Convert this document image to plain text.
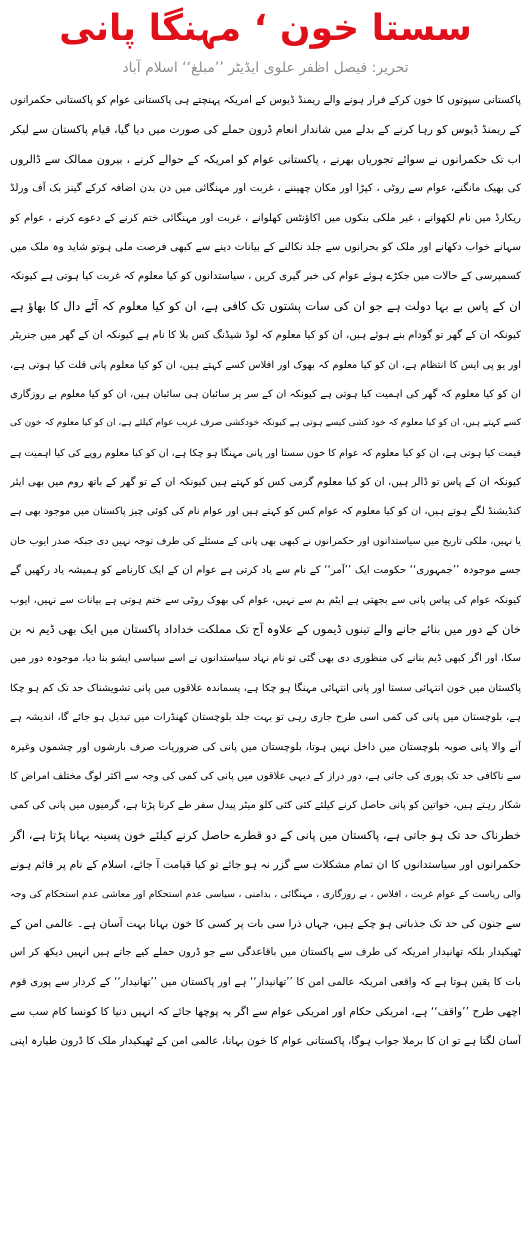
سستا خون ‘ مہنگا پانی
تحریر: فیصل اظفر علوی ایڈیٹر ’’مبلغ‘‘ اسلام آباد
پاکستانی سپوتوں کا خون کرکے فرار ہونے والے ریمنڈ ڈیوس کے امریکہ پہنچتے ہی پاکستانی عوام کو پاکستانی حکمرانوں
کے ریمنڈ ڈیوس کو رہا کرنے کے بدلے میں شاندار انعام ڈرون حملے کی صورت میں دیا گیا، قیام پاکستان سے لیکر
اب تک حکمرانوں نے سوائے تجوریاں بھرنے ، پاکستانی عوام کو امریکہ کے حوالے کرنے ، بیرون ممالک سے ڈالروں
کی بھیک مانگنے، عوام سے روٹی ، کپڑا اور مکان چھیننے ، غربت اور مہنگائی میں دن بدن اضافہ کرکے گینز بک آف ورلڈ
ریکارڈ میں نام لکھوانے ، غیر ملکی بنکوں میں اکاؤنٹس کھلوانے ، غربت اور مہنگائی ختم کرنے کے دعوے کرنے ، عوام کو
سہانے خواب دکھانے اور ملک کو بحرانوں سے جلد نکالنے کے بیانات دینے سے کبھی فرصت ملی ہوتو شاید وہ ملک میں
کسمپرسی کے حالات میں جکڑے ہوئے عوام کی خبر گیری کریں ، سیاستدانوں کو کیا معلوم کہ غربت کیا ہوتی ہے کیونکہ
ان کے پاس بے بہا دولت ہے جو ان کی سات پشتوں تک کافی ہے، ان کو کیا معلوم کہ آٹے دال کا بھاؤ ہے
کیونکہ ان کے گھر تو گودام بنے ہوئے ہیں، ان کو کیا معلوم کہ لوڈ شیڈنگ کس بلا کا نام ہے کیونکہ ان کے گھر میں جنریٹر
اور یو پی ایس کا انتظام ہے، ان کو کیا معلوم کہ بھوک اور افلاس کسے کہتے ہیں، ان کو کیا معلوم پانی قلت کیا ہوتی ہے،
ان کو کیا معلوم کہ گھر کی اہمیت کیا ہوتی ہے کیونکہ ان کے سر پر سائبان ہی سائبان ہیں، ان کو کیا معلوم بے روزگاری
کسے کہتے ہیں، ان کو کیا معلوم کہ خود کشی کیسے ہوتی ہے کیونکہ خودکشی صرف غریب عوام کیلئے ہے، ان کو کیا معلوم کہ خون کی
قیمت کیا ہوتی ہے، ان کو کیا معلوم کہ عوام کا خون سستا اور پانی مہنگا ہو چکا ہے، ان کو کیا معلوم روپے کی کیا اہمیت ہے
کیونکہ ان کے پاس تو ڈالر ہیں، ان کو کیا معلوم گرمی کس کو کہتے ہیں کیونکہ ان کے تو گھر کے باتھ روم میں بھی ایئر
کنڈیشنڈ لگے ہوتے ہیں، ان کو کیا معلوم کہ عوام کس کو کہتے ہیں اور عوام نام کی کوئی چیز پاکستان میں موجود بھی ہے
یا نہیں، ملکی تاریخ میں سیاستدانوں اور حکمرانوں نے کبھی بھی پانی کے مسئلے کی طرف توجہ نہیں دی جبکہ صدر ایوب خان
جسے موجودہ ’’جمہوری‘‘ حکومت ایک ’’آمر‘‘ کے نام سے یاد کرتی ہے عوام ان کے ایک کارنامے کو ہمیشہ یاد رکھیں گے
کیونکہ عوام کی پیاس پانی سے بجھتی ہے ایٹم بم سے نہیں، عوام کی بھوک روٹی سے ختم ہوتی ہے بیانات سے نہیں، ایوب
خان کے دور میں بنائے جانے والے تینوں ڈیموں کے علاوہ آج تک مملکت خداداد پاکستان میں ایک بھی ڈیم نہ بن
سکا، اور اگر کبھی ڈیم بنانے کی منظوری دی بھی گئی تو نام نہاد سیاستدانوں نے اسے سیاسی ایشو بنا دیا، موجودہ دور میں
پاکستان میں خون انتہائی سستا اور پانی انتہائی مہنگا ہو چکا ہے، پسماندہ علاقوں میں پانی تشویشناک حد تک کم ہو چکا
ہے، بلوچستان میں پانی کی کمی اسی طرح جاری رہی تو بہت جلد بلوچستان کھنڈرات میں تبدیل ہو جائے گا، اندیشہ ہے
آنے والا پانی صوبہ بلوچستان میں داخل نہیں ہوتا، بلوچستان میں پانی کی ضروریات صرف بارشوں اور چشموں وغیرہ
سے ناکافی حد تک پوری کی جاتی ہے، دور دراز کے دیہی علاقوں میں پانی کی کمی کی وجہ سے اکثر لوگ مختلف امراض کا
شکار رہتے ہیں، خواتین کو پانی حاصل کرنے کیلئے کئی کئی کلو میٹر پیدل سفر طے کرنا پڑتا ہے، گرمیوں میں پانی کی کمی
خطرناک حد تک ہو جاتی ہے، پاکستان میں پانی کے دو قطرے حاصل کرنے کیلئے خون پسینہ بہانا پڑتا ہے، اگر
حکمرانوں اور سیاستدانوں کا ان تمام مشکلات سے گزر نہ ہو جائے تو کیا قیامت آ جائے، اسلام کے نام پر قائم ہونے
والی ریاست کے عوام غربت ، افلاس ، بے روزگاری ، مہنگائی ، بدامنی ، سیاسی عدم استحکام اور معاشی عدم استحکام کی وجہ
سے جنون کی حد تک جذباتی ہو چکے ہیں، جہاں ذرا سی بات پر کسی کا خون بہانا بہت آسان ہے۔ عالمی امن کے
ٹھیکیدار بلکہ تھانیدار امریکہ کی طرف سے پاکستان میں باقاعدگی سے جو ڈرون حملے کیے جاتے ہیں انہیں دیکھ کر اس
بات کا یقین ہوتا ہے کہ واقعی امریکہ عالمی امن کا ’’تھانیدار‘‘ ہے اور پاکستان میں ’’تھانیدار‘‘ کے کردار سے پوری قوم
اچھی طرح ’’واقف‘‘ ہے، امریکی حکام اور امریکی عوام سے اگر یہ پوچھا جائے کہ انہیں دنیا کا کونسا کام سب سے
آسان لگتا ہے تو ان کا برملا جواب ہوگا، پاکستانی عوام کا خون بہانا، عالمی امن کے ٹھیکیدار ملک کا ڈرون طیارہ اپنی
